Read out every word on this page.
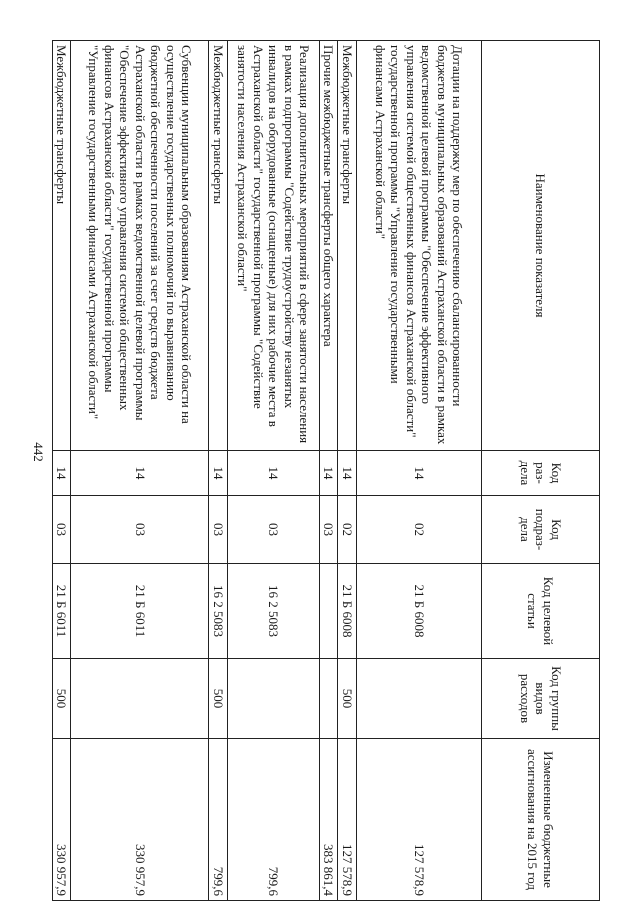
442
Наименование показателя	Код раз-дела	Код подраз-дела	Код целевой статьи	Код группы видов расходов	Измененные бюджетные ассигнования на 2015 год
Дотации на поддержку мер по обеспечению сбалансированности бюджетов муниципальных образований Астраханской области в рамках ведомственной целевой программы "Обеспечение эффективного управления системой общественных финансов Астраханской области" государственной программы "Управление государственными финансами Астраханской области"	14	02	21 Б 6008		127 578,9
Межбюджетные трансферты	14	02	21 Б 6008	500	127 578,9
Прочие межбюджетные трансферты общего характера	14	03			383 861,4
Реализация дополнительных мероприятий в сфере занятости населения в рамках подпрограммы "Содействие трудоустройству незанятых инвалидов на оборудованные (оснащенные) для них рабочие места в Астраханской области" государственной программы "Содействие занятости населения Астраханской области"	14	03	16 2 5083		799,6
Межбюджетные трансферты	14	03	16 2 5083	500	799,6
Субвенции муниципальным образованиям Астраханской области на осуществление государственных полномочий по выравниванию бюджетной обеспеченности поселений за счет средств бюджета Астраханской области в рамках ведомственной целевой программы "Обеспечение эффективного управления системой общественных финансов Астраханской области" государственной программы "Управление государственными финансами Астраханской области"	14	03	21 Б 6011		330 957,9
Межбюджетные трансферты	14	03	21 Б 6011	500	330 957,9
